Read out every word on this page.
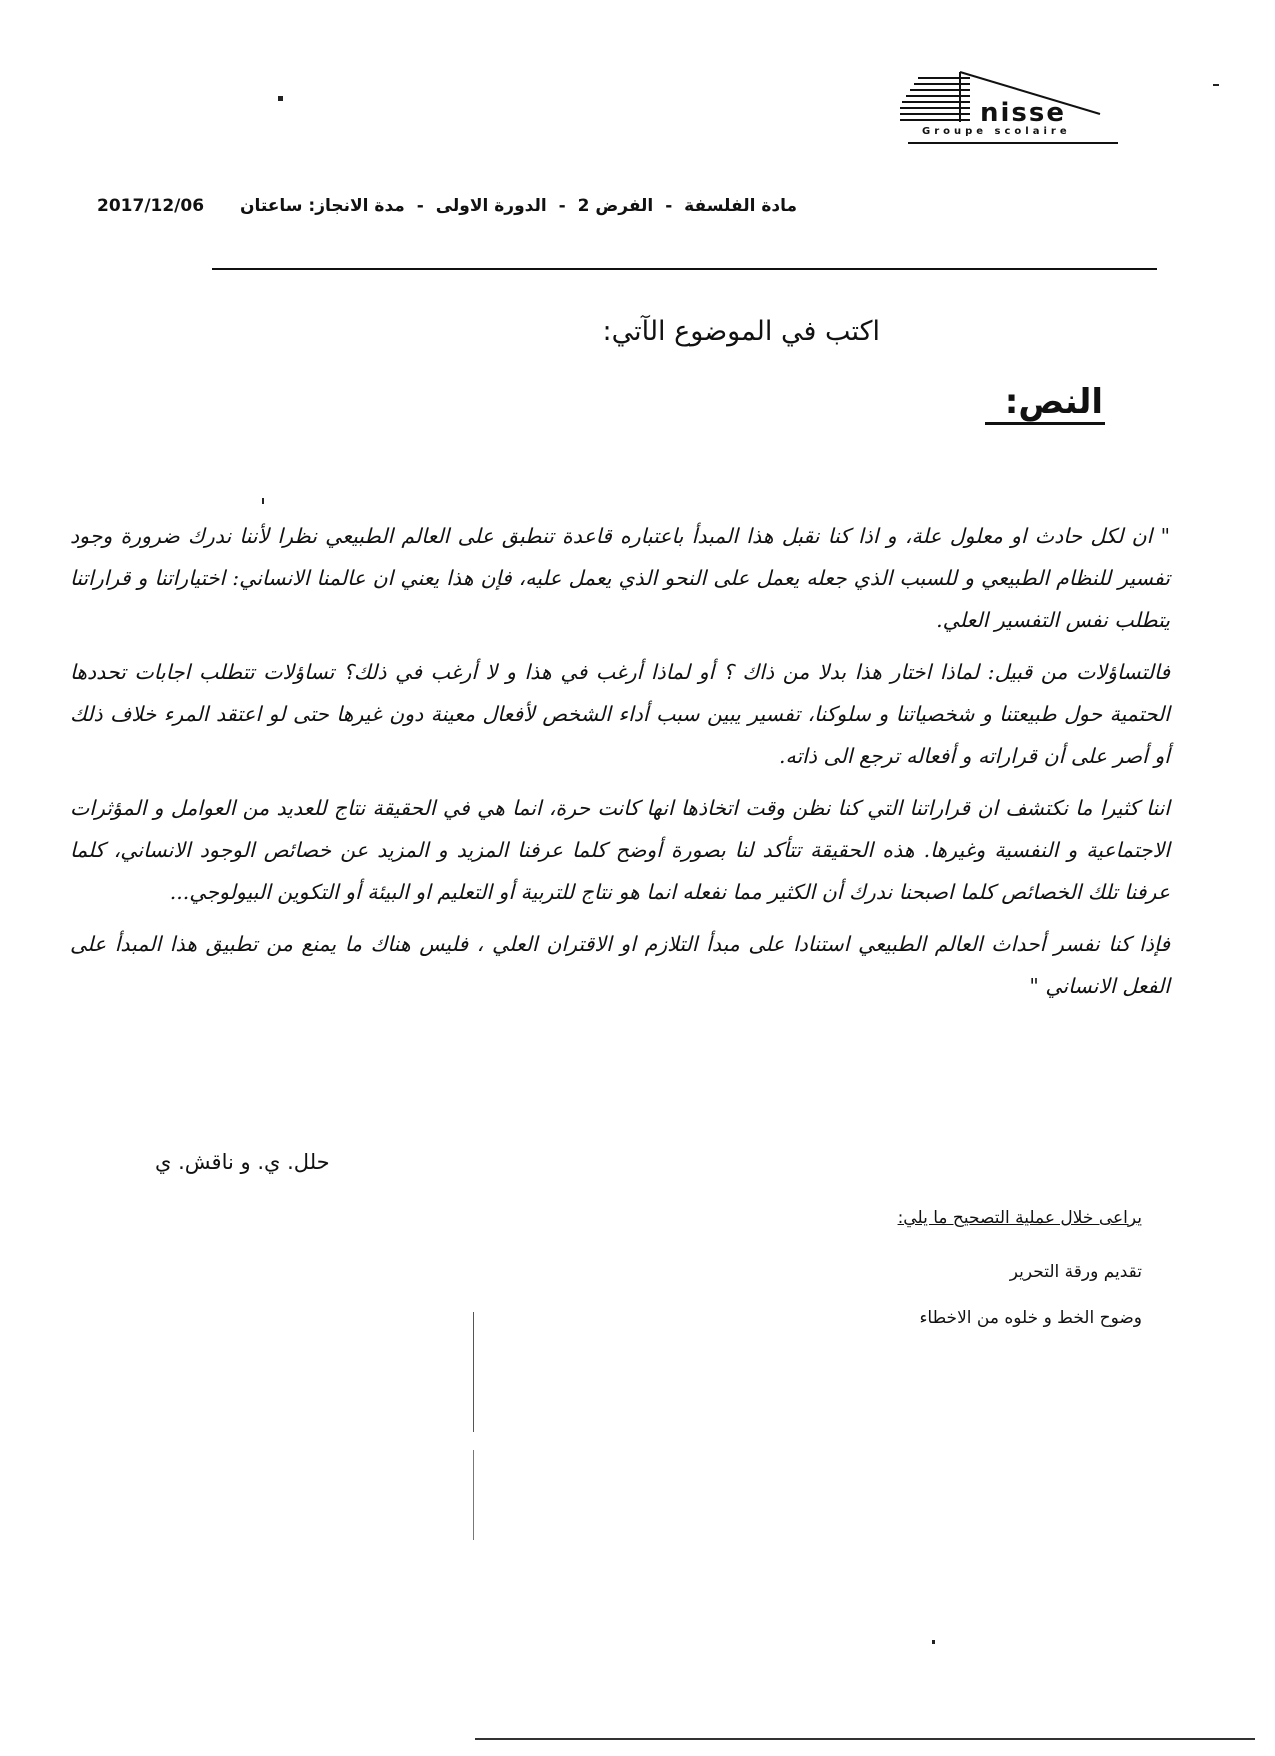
nisse
Groupe scolaire
مادة الفلسفة - الفرض 2 - الدورة الاولى - مدة الانجاز: ساعتان
2017/12/06
اكتب في الموضوع الآتي:
النص:

" ان لكل حادث او معلول علة، و اذا كنا نقبل هذا المبدأ باعتباره قاعدة تنطبق على العالم الطبيعي نظرا لأننا ندرك ضرورة وجود تفسير للنظام الطبيعي و للسبب الذي جعله يعمل على النحو الذي يعمل عليه، فإن هذا يعني ان عالمنا الانساني: اختياراتنا و قراراتنا يتطلب نفس التفسير العلي.

فالتساؤلات من قبيل: لماذا اختار هذا بدلا من ذاك ؟ أو لماذا أرغب في هذا و لا أرغب في ذلك؟ تساؤلات تتطلب اجابات تحددها الحتمية حول طبيعتنا و شخصياتنا و سلوكنا، تفسير يبين سبب أداء الشخص لأفعال معينة دون غيرها حتى لو اعتقد المرء خلاف ذلك أو أصر على أن قراراته و أفعاله ترجع الى ذاته.

اننا كثيرا ما نكتشف ان قراراتنا التي كنا نظن وقت اتخاذها انها كانت حرة، انما هي في الحقيقة نتاج للعديد من العوامل و المؤثرات الاجتماعية و النفسية وغيرها. هذه الحقيقة تتأكد لنا بصورة أوضح كلما عرفنا المزيد و المزيد عن خصائص الوجود الانساني، كلما عرفنا تلك الخصائص كلما اصبحنا ندرك أن الكثير مما نفعله انما هو نتاج للتربية أو التعليم او البيئة أو التكوين البيولوجي...

فإذا كنا نفسر أحداث العالم الطبيعي استنادا على مبدأ التلازم او الاقتران العلي ، فليس هناك ما يمنع من تطبيق هذا المبدأ على الفعل الانساني "

حلل. ي. و ناقش. ي
يراعى خلال عملية التصحيح ما يلي:
تقديم ورقة التحرير
وضوح الخط و خلوه من الاخطاء
